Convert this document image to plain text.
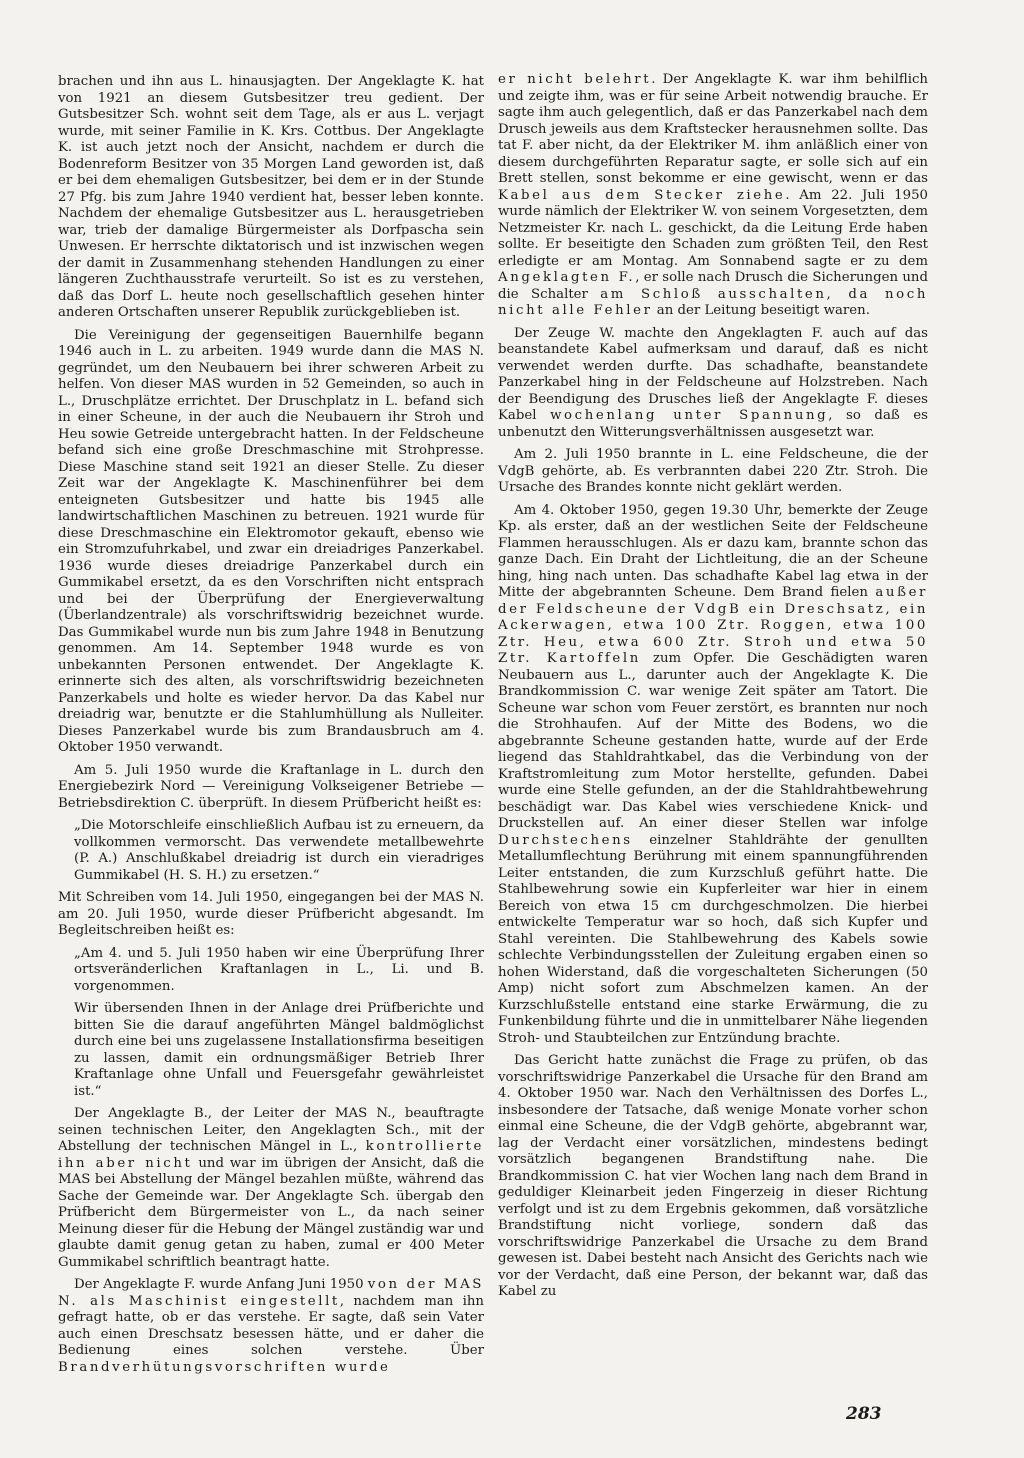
brachen und ihn aus L. hinausjagten. Der Angeklagte K. hat von 1921 an diesem Gutsbesitzer treu gedient. Der Gutsbesitzer Sch. wohnt seit dem Tage, als er aus L. verjagt wurde, mit seiner Familie in K. Krs. Cottbus. Der Angeklagte K. ist auch jetzt noch der Ansicht, nachdem er durch die Bodenreform Besitzer von 35 Morgen Land geworden ist, daß er bei dem ehemaligen Gutsbesitzer, bei dem er in der Stunde 27 Pfg. bis zum Jahre 1940 verdient hat, besser leben konnte. Nachdem der ehemalige Gutsbesitzer aus L. herausgetrieben war, trieb der damalige Bürgermeister als Dorfpascha sein Unwesen. Er herrschte diktatorisch und ist inzwischen wegen der damit in Zusammenhang stehenden Handlungen zu einer längeren Zuchthausstrafe verurteilt. So ist es zu verstehen, daß das Dorf L. heute noch gesellschaftlich gesehen hinter anderen Ortschaften unserer Republik zurückgeblieben ist.

Die Vereinigung der gegenseitigen Bauernhilfe begann 1946 auch in L. zu arbeiten. 1949 wurde dann die MAS N. gegründet, um den Neubauern bei ihrer schweren Arbeit zu helfen. Von dieser MAS wurden in 52 Gemeinden, so auch in L., Druschplätze errichtet. Der Druschplatz in L. befand sich in einer Scheune, in der auch die Neubauern ihr Stroh und Heu sowie Getreide untergebracht hatten. In der Feldscheune befand sich eine große Dreschmaschine mit Strohpresse. Diese Maschine stand seit 1921 an dieser Stelle. Zu dieser Zeit war der Angeklagte K. Maschinenführer bei dem enteigneten Gutsbesitzer und hatte bis 1945 alle landwirtschaftlichen Maschinen zu betreuen. 1921 wurde für diese Dreschmaschine ein Elektromotor gekauft, ebenso wie ein Stromzufuhrkabel, und zwar ein dreiadriges Panzerkabel. 1936 wurde dieses dreiadrige Panzerkabel durch ein Gummikabel ersetzt, da es den Vorschriften nicht entsprach und bei der Überprüfung der Energieverwaltung (Überlandzentrale) als vorschriftswidrig bezeichnet wurde. Das Gummikabel wurde nun bis zum Jahre 1948 in Benutzung genommen. Am 14. September 1948 wurde es von unbekannten Personen entwendet. Der Angeklagte K. erinnerte sich des alten, als vorschriftswidrig bezeichneten Panzerkabels und holte es wieder hervor. Da das Kabel nur dreiadrig war, benutzte er die Stahlumhüllung als Nulleiter. Dieses Panzerkabel wurde bis zum Brandausbruch am 4. Oktober 1950 verwandt.

Am 5. Juli 1950 wurde die Kraftanlage in L. durch den Energiebezirk Nord — Vereinigung Volkseigener Betriebe — Betriebsdirektion C. überprüft. In diesem Prüfbericht heißt es:

„Die Motorschleife einschließlich Aufbau ist zu erneuern, da vollkommen vermorscht. Das verwendete metallbewehrte (P. A.) Anschlußkabel dreiadrig ist durch ein vieradriges Gummikabel (H. S. H.) zu ersetzen.“

Mit Schreiben vom 14. Juli 1950, eingegangen bei der MAS N. am 20. Juli 1950, wurde dieser Prüfbericht abgesandt. Im Begleitschreiben heißt es:

„Am 4. und 5. Juli 1950 haben wir eine Überprüfung Ihrer ortsveränderlichen Kraftanlagen in L., Li. und B. vorgenommen.

Wir übersenden Ihnen in der Anlage drei Prüfberichte und bitten Sie die darauf angeführten Mängel baldmöglichst durch eine bei uns zugelassene Installationsfirma beseitigen zu lassen, damit ein ordnungsmäßiger Betrieb Ihrer Kraftanlage ohne Unfall und Feuersgefahr gewährleistet ist.“

Der Angeklagte B., der Leiter der MAS N., beauftragte seinen technischen Leiter, den Angeklagten Sch., mit der Abstellung der technischen Mängel in L., kontrollierte ihn aber nicht und war im übrigen der Ansicht, daß die MAS bei Abstellung der Mängel bezahlen müßte, während das Sache der Gemeinde war. Der Angeklagte Sch. übergab den Prüfbericht dem Bürgermeister von L., da nach seiner Meinung dieser für die Hebung der Mängel zuständig war und glaubte damit genug getan zu haben, zumal er 400 Meter Gummikabel schriftlich beantragt hatte.

Der Angeklagte F. wurde Anfang Juni 1950 von der MAS N. als Maschinist eingestellt, nachdem man ihn gefragt hatte, ob er das verstehe. Er sagte, daß sein Vater auch einen Dreschsatz besessen hätte, und er daher die Bedienung eines solchen verstehe. Über Brandverhütungsvorschriften wurde

er nicht belehrt. Der Angeklagte K. war ihm behilflich und zeigte ihm, was er für seine Arbeit notwendig brauche. Er sagte ihm auch gelegentlich, daß er das Panzerkabel nach dem Drusch jeweils aus dem Kraftstecker herausnehmen sollte. Das tat F. aber nicht, da der Elektriker M. ihm anläßlich einer von diesem durchgeführten Reparatur sagte, er solle sich auf ein Brett stellen, sonst bekomme er eine gewischt, wenn er das Kabel aus dem Stecker ziehe. Am 22. Juli 1950 wurde nämlich der Elektriker W. von seinem Vorgesetzten, dem Netzmeister Kr. nach L. geschickt, da die Leitung Erde haben sollte. Er beseitigte den Schaden zum größten Teil, den Rest erledigte er am Montag. Am Sonnabend sagte er zu dem Angeklagten F., er solle nach Drusch die Sicherungen und die Schalter am Schloß ausschalten, da noch nicht alle Fehler an der Leitung beseitigt waren.

Der Zeuge W. machte den Angeklagten F. auch auf das beanstandete Kabel aufmerksam und darauf, daß es nicht verwendet werden durfte. Das schadhafte, beanstandete Panzerkabel hing in der Feldscheune auf Holzstreben. Nach der Beendigung des Drusches ließ der Angeklagte F. dieses Kabel wochenlang unter Spannung, so daß es unbenutzt den Witterungsverhältnissen ausgesetzt war.

Am 2. Juli 1950 brannte in L. eine Feldscheune, die der VdgB gehörte, ab. Es verbrannten dabei 220 Ztr. Stroh. Die Ursache des Brandes konnte nicht geklärt werden.

Am 4. Oktober 1950, gegen 19.30 Uhr, bemerkte der Zeuge Kp. als erster, daß an der westlichen Seite der Feldscheune Flammen herausschlugen. Als er dazu kam, brannte schon das ganze Dach. Ein Draht der Lichtleitung, die an der Scheune hing, hing nach unten. Das schadhafte Kabel lag etwa in der Mitte der abgebrannten Scheune. Dem Brand fielen außer der Feldscheune der VdgB ein Dreschsatz, ein Ackerwagen, etwa 100 Ztr. Roggen, etwa 100 Ztr. Heu, etwa 600 Ztr. Stroh und etwa 50 Ztr. Kartoffeln zum Opfer. Die Geschädigten waren Neubauern aus L., darunter auch der Angeklagte K. Die Brandkommission C. war wenige Zeit später am Tatort. Die Scheune war schon vom Feuer zerstört, es brannten nur noch die Strohhaufen. Auf der Mitte des Bodens, wo die abgebrannte Scheune gestanden hatte, wurde auf der Erde liegend das Stahldrahtkabel, das die Verbindung von der Kraftstromleitung zum Motor herstellte, gefunden. Dabei wurde eine Stelle gefunden, an der die Stahldrahtbewehrung beschädigt war. Das Kabel wies verschiedene Knick- und Druckstellen auf. An einer dieser Stellen war infolge Durchstechens einzelner Stahldrähte der genullten Metallumflechtung Berührung mit einem spannungführenden Leiter entstanden, die zum Kurzschluß geführt hatte. Die Stahlbewehrung sowie ein Kupferleiter war hier in einem Bereich von etwa 15 cm durchgeschmolzen. Die hierbei entwickelte Temperatur war so hoch, daß sich Kupfer und Stahl vereinten. Die Stahlbewehrung des Kabels sowie schlechte Verbindungsstellen der Zuleitung ergaben einen so hohen Widerstand, daß die vorgeschalteten Sicherungen (50 Amp) nicht sofort zum Abschmelzen kamen. An der Kurzschlußstelle entstand eine starke Erwärmung, die zu Funkenbildung führte und die in unmittelbarer Nähe liegenden Stroh- und Staubteilchen zur Entzündung brachte.

Das Gericht hatte zunächst die Frage zu prüfen, ob das vorschriftswidrige Panzerkabel die Ursache für den Brand am 4. Oktober 1950 war. Nach den Verhältnissen des Dorfes L., insbesondere der Tatsache, daß wenige Monate vorher schon einmal eine Scheune, die der VdgB gehörte, abgebrannt war, lag der Verdacht einer vorsätzlichen, mindestens bedingt vorsätzlich begangenen Brandstiftung nahe. Die Brandkommission C. hat vier Wochen lang nach dem Brand in geduldiger Kleinarbeit jeden Fingerzeig in dieser Richtung verfolgt und ist zu dem Ergebnis gekommen, daß vorsätzliche Brandstiftung nicht vorliege, sondern daß das vorschriftswidrige Panzerkabel die Ursache zu dem Brand gewesen ist. Dabei besteht nach Ansicht des Gerichts nach wie vor der Verdacht, daß eine Person, der bekannt war, daß das Kabel zu

283
